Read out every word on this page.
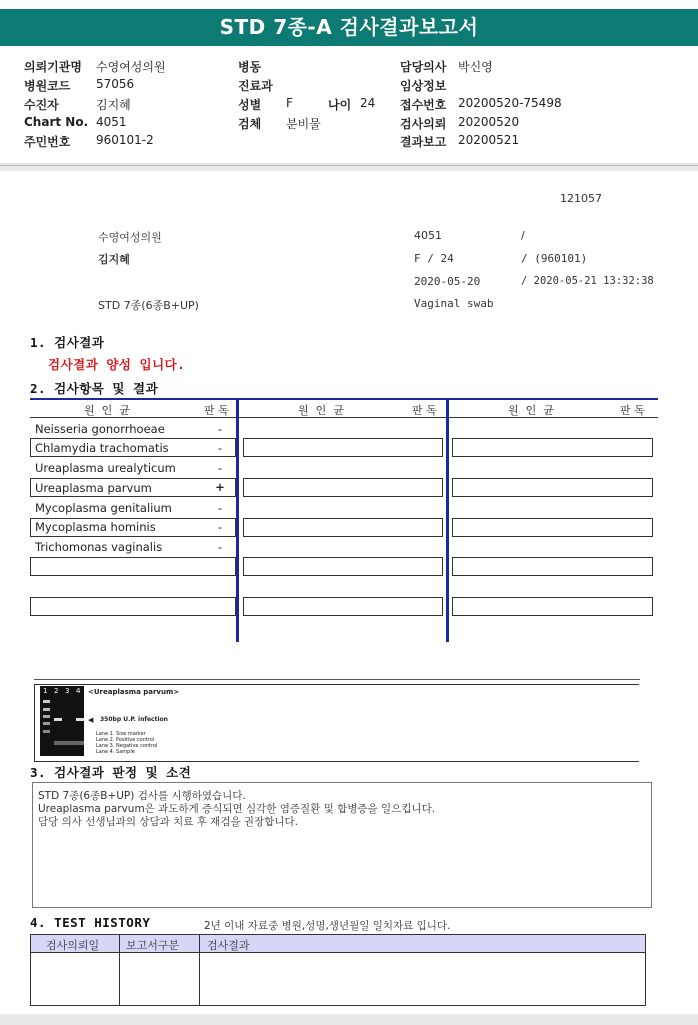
STD 7종-A 검사결과보고서
의뢰기관명 수영여성의원	병동	담당의사 박신영
병원코드 57056	진료과	임상정보
수진자	김지혜	성별 F	나이 24 접수번호 20200520-75498
Chart No. 4051	검체 분비물	검사의뢰 20200520
주민번호 960101-2	결과보고 20200521
121057
수영여성의원	4051	/
김지혜	F / 24	/ (960101)
2020-05-20	/ 2020-05-21 13:32:38
STD 7종(6종B+UP)	Vaginal swab
1. 검사결과
검사결과 양성 입니다.
2. 검사항목 및 결과
원  인  균	판 독	원  인  균	판 독	원  인  균	판 독
Neisseria gonorrhoeae	-
Chlamydia trachomatis	-
Ureaplasma urealyticum	-
Ureaplasma parvum	+
Mycoplasma genitalium	-
Mycoplasma hominis	-
Trichomonas vaginalis	-
1 2 3 4 <Ureaplasma parvum>
◀ 350bp U.P. infection
Lane 1. Size marker
Lane 2. Positive control
Lane 3. Negative control
Lane 4. Sample
3. 검사결과 판정 및 소견
STD 7종(6종B+UP) 검사를 시행하였습니다.
Ureaplasma parvum은 과도하게 증식되면 심각한 염증질환 및 합병증을 일으킵니다.
담당 의사 선생님과의 상담과 치료 후 재검을 권장합니다.
4. TEST HISTORY	2년 이내 자료중 병원,성명,생년월일 일치자료 입니다.
검사의뢰일 보고서구분	검사결과
